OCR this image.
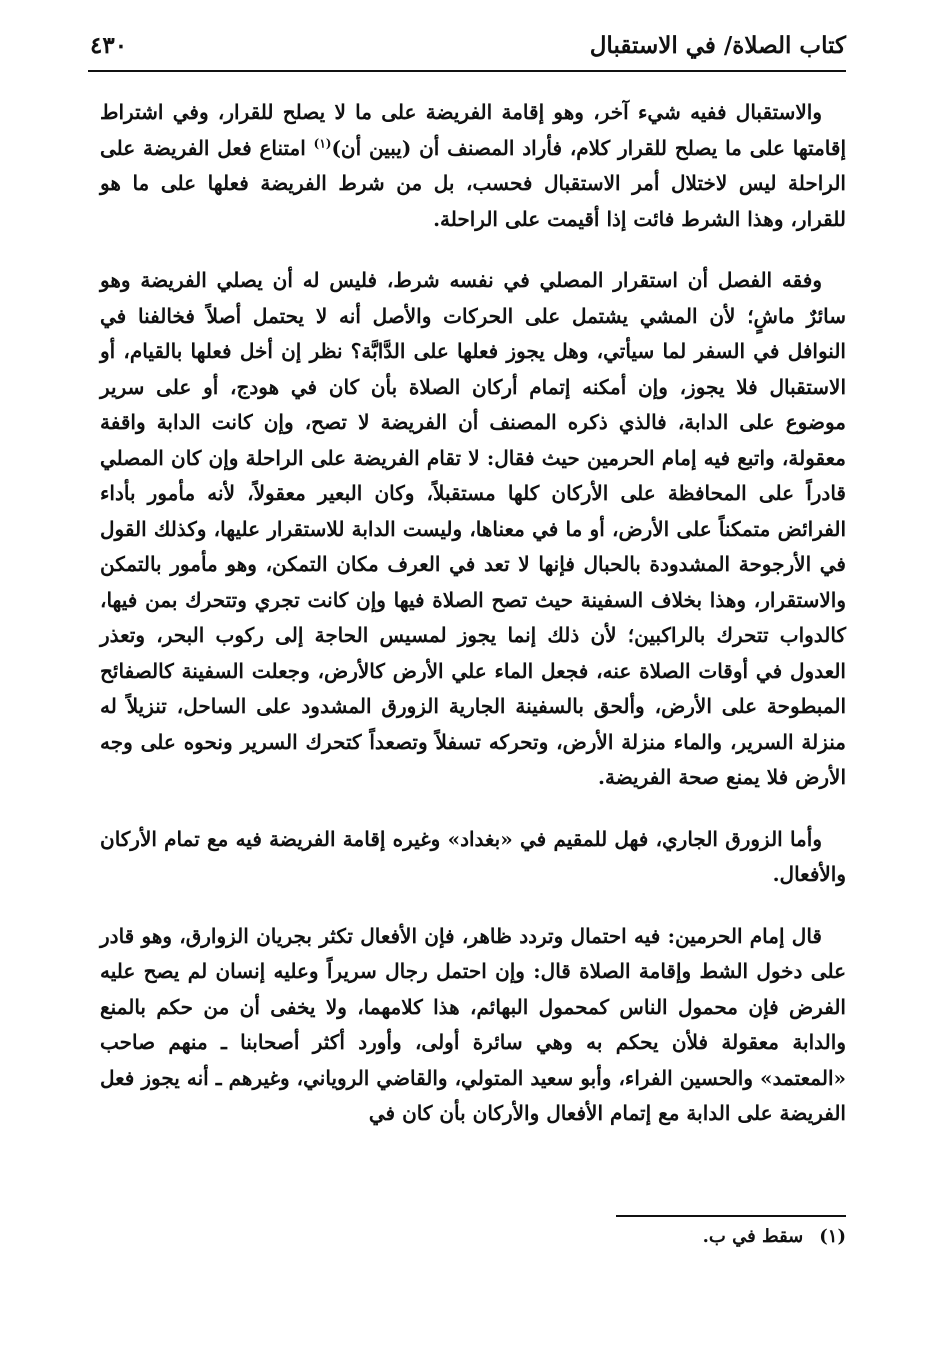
كتاب الصلاة/ في الاستقبال
٤٣٠

والاستقبال ففيه شيء آخر، وهو إقامة الفريضة على ما لا يصلح للقرار، وفي اشتراط إقامتها على ما يصلح للقرار كلام، فأراد المصنف أن (يبين أن)$^{(١)}$ امتناع فعل الفريضة على الراحلة ليس لاختلال أمر الاستقبال فحسب، بل من شرط الفريضة فعلها على ما هو للقرار، وهذا الشرط فائت إذا أقيمت على الراحلة.

وفقه الفصل أن استقرار المصلي في نفسه شرط، فليس له أن يصلي الفريضة وهو سائرٌ ماشٍ؛ لأن المشي يشتمل على الحركات والأصل أنه لا يحتمل أصلاً فخالفنا في النوافل في السفر لما سيأتي، وهل يجوز فعلها على الدَّابَّة؟ نظر إن أخل فعلها بالقيام، أو الاستقبال فلا يجوز، وإن أمكنه إتمام أركان الصلاة بأن كان في هودج، أو على سرير موضوع على الدابة، فالذي ذكره المصنف أن الفريضة لا تصح، وإن كانت الدابة واقفة معقولة، واتبع فيه إمام الحرمين حيث فقال: لا تقام الفريضة على الراحلة وإن كان المصلي قادراً على المحافظة على الأركان كلها مستقبلاً، وكان البعير معقولاً، لأنه مأمور بأداء الفرائض متمكناً على الأرض، أو ما في معناها، وليست الدابة للاستقرار عليها، وكذلك القول في الأرجوحة المشدودة بالحبال فإنها لا تعد في العرف مكان التمكن، وهو مأمور بالتمكن والاستقرار، وهذا بخلاف السفينة حيث تصح الصلاة فيها وإن كانت تجري وتتحرك بمن فيها، كالدواب تتحرك بالراكبين؛ لأن ذلك إنما يجوز لمسيس الحاجة إلى ركوب البحر، وتعذر العدول في أوقات الصلاة عنه، فجعل الماء علي الأرض كالأرض، وجعلت السفينة كالصفائح المبطوحة على الأرض، وألحق بالسفينة الجارية الزورق المشدود على الساحل، تنزيلاً له منزلة السرير، والماء منزلة الأرض، وتحركه تسفلاً وتصعداً كتحرك السرير ونحوه على وجه الأرض فلا يمنع صحة الفريضة.

وأما الزورق الجاري، فهل للمقيم في «بغداد» وغيره إقامة الفريضة فيه مع تمام الأركان والأفعال.

قال إمام الحرمين: فيه احتمال وتردد ظاهر، فإن الأفعال تكثر بجريان الزوارق، وهو قادر على دخول الشط وإقامة الصلاة قال: وإن احتمل رجال سريراً وعليه إنسان لم يصح عليه الفرض فإن محمول الناس كمحمول البهائم، هذا كلامهما، ولا يخفى أن من حكم بالمنع والدابة معقولة فلأن يحكم به وهي سائرة أولى، وأورد أكثر أصحابنا ـ منهم صاحب «المعتمد» والحسين الفراء، وأبو سعيد المتولي، والقاضي الروياني، وغيرهم ـ أنه يجوز فعل الفريضة على الدابة مع إتمام الأفعال والأركان بأن كان في

(١)سقط في ب.
